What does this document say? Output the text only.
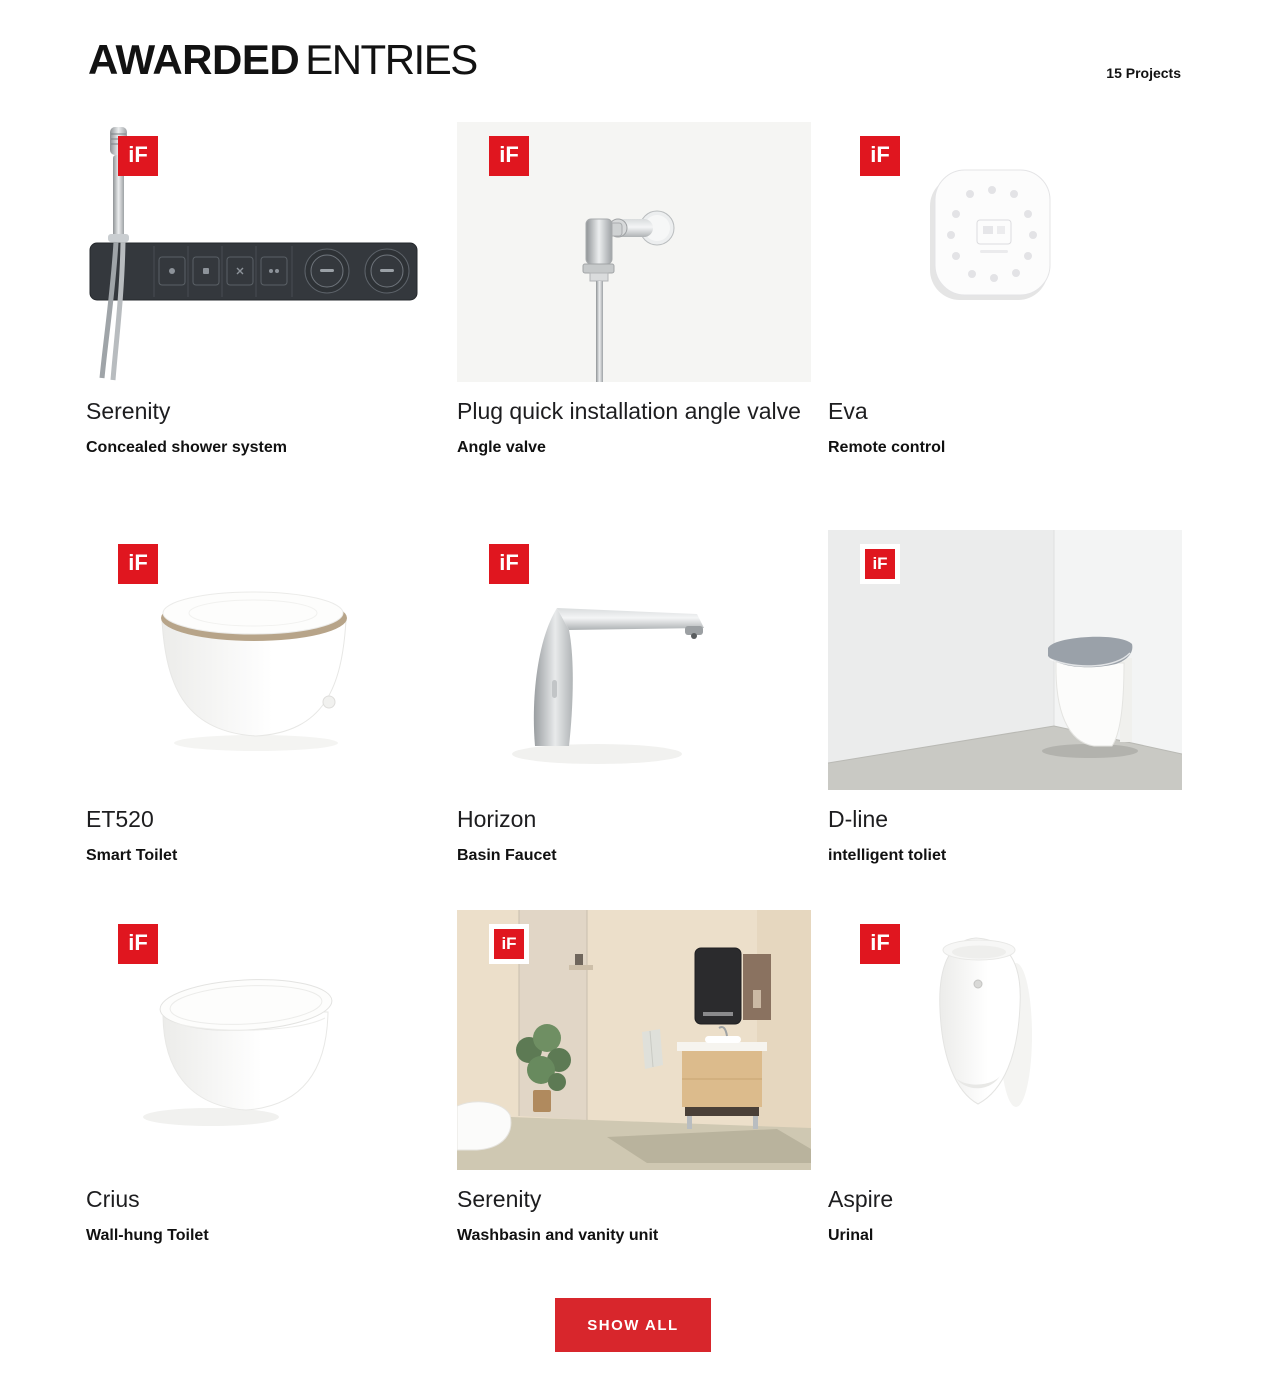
AWARDED ENTRIES	15 Projects
iF
Serenity
Concealed shower system
iF
Plug quick installation angle valve
Angle valve
iF
Eva
Remote control
iF
ET520
Smart Toilet
iF
Horizon
Basin Faucet
iF
D-line
intelligent toliet
iF
Crius
Wall-hung Toilet
iF
Serenity
Washbasin and vanity unit
iF
Aspire
Urinal
SHOW ALL
